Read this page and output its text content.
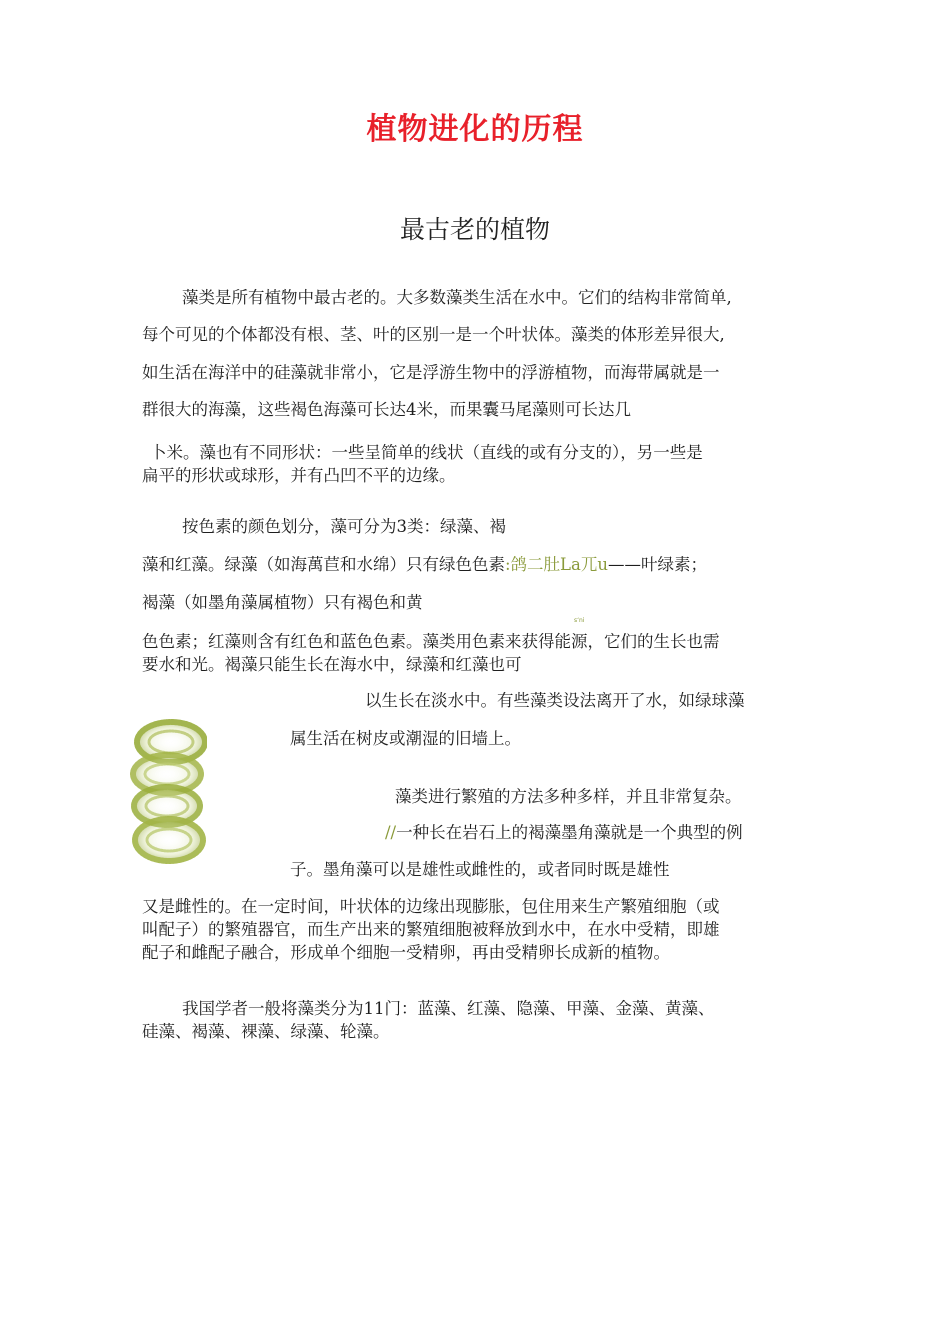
植物进化的历程
最古老的植物
藻类是所有植物中最古老的。大多数藻类生活在水中。它们的结构非常简单,
每个可见的个体都没有根、茎、叶的区别一是一个叶状体。藻类的体形差异很大,
如生活在海洋中的硅藻就非常小，它是浮游生物中的浮游植物，而海带属就是一
群很大的海藻，这些褐色海藻可长达4米，而果囊马尾藻则可长达几
卜米。藻也有不同形状：一些呈简单的线状（直线的或有分支的），另一些是
扁平的形状或球形，并有凸凹不平的边缘。
按色素的颜色划分，藻可分为3类：绿藻、褐
藻和红藻。绿藻（如海萬苣和水绵）只有绿色色素:鸽二肚La兀u——叶绿素；
褐藻（如墨角藻属植物）只有褐色和黄
s‘ni
色色素；红藻则含有红色和蓝色色素。藻类用色素来获得能源，它们的生长也需
要水和光。褐藻只能生长在海水中，绿藻和红藻也可
以生长在淡水中。有些藻类设法离开了水，如绿球藻
属生活在树皮或潮湿的旧墙上。
藻类进行繁殖的方法多种多样，并且非常复杂。
//一种长在岩石上的褐藻墨角藻就是一个典型的例
子。墨角藻可以是雄性或雌性的，或者同时既是雄性
又是雌性的。在一定时间，叶状体的边缘出现膨胀，包住用来生产繁殖细胞（或
叫配子）的繁殖器官，而生产出来的繁殖细胞被释放到水中，在水中受精，即雄
配子和雌配子融合，形成单个细胞一受精卵，再由受精卵长成新的植物。
我国学者一般将藻类分为11门：蓝藻、红藻、隐藻、甲藻、金藻、黄藻、
硅藻、褐藻、裸藻、绿藻、轮藻。
